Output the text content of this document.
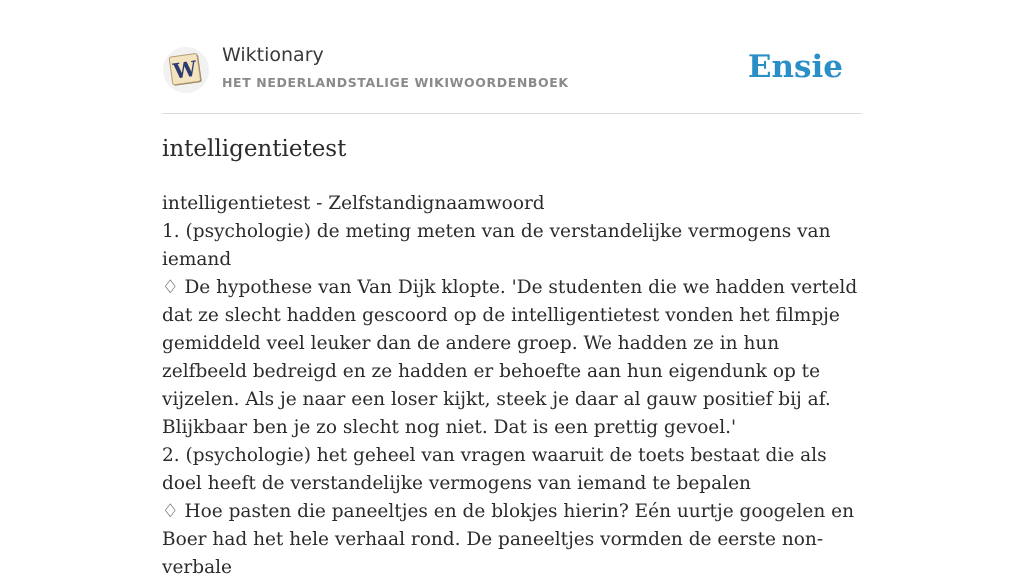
W
Wiktionary
HET NEDERLANDSTALIGE WIKIWOORDENBOEK	Ensie
intelligentietest

intelligentietest - Zelfstandignaamwoord

1. (psychologie) de meting meten van de verstandelijke vermogens van iemand

♢ De hypothese van Van Dijk klopte. 'De studenten die we hadden verteld dat ze slecht hadden gescoord op de intelligentietest vonden het filmpje gemiddeld veel leuker dan de andere groep. We hadden ze in hun zelfbeeld bedreigd en ze hadden er behoefte aan hun eigendunk op te vijzelen. Als je naar een loser kijkt, steek je daar al gauw positief bij af. Blijkbaar ben je zo slecht nog niet. Dat is een prettig gevoel.'

2. (psychologie) het geheel van vragen waaruit de toets bestaat die als doel heeft de verstandelijke vermogens van iemand te bepalen

♢ Hoe pasten die paneeltjes en de blokjes hierin? Eén uurtje googelen en Boer had het hele verhaal rond. De paneeltjes vormden de eerste non-verbale
